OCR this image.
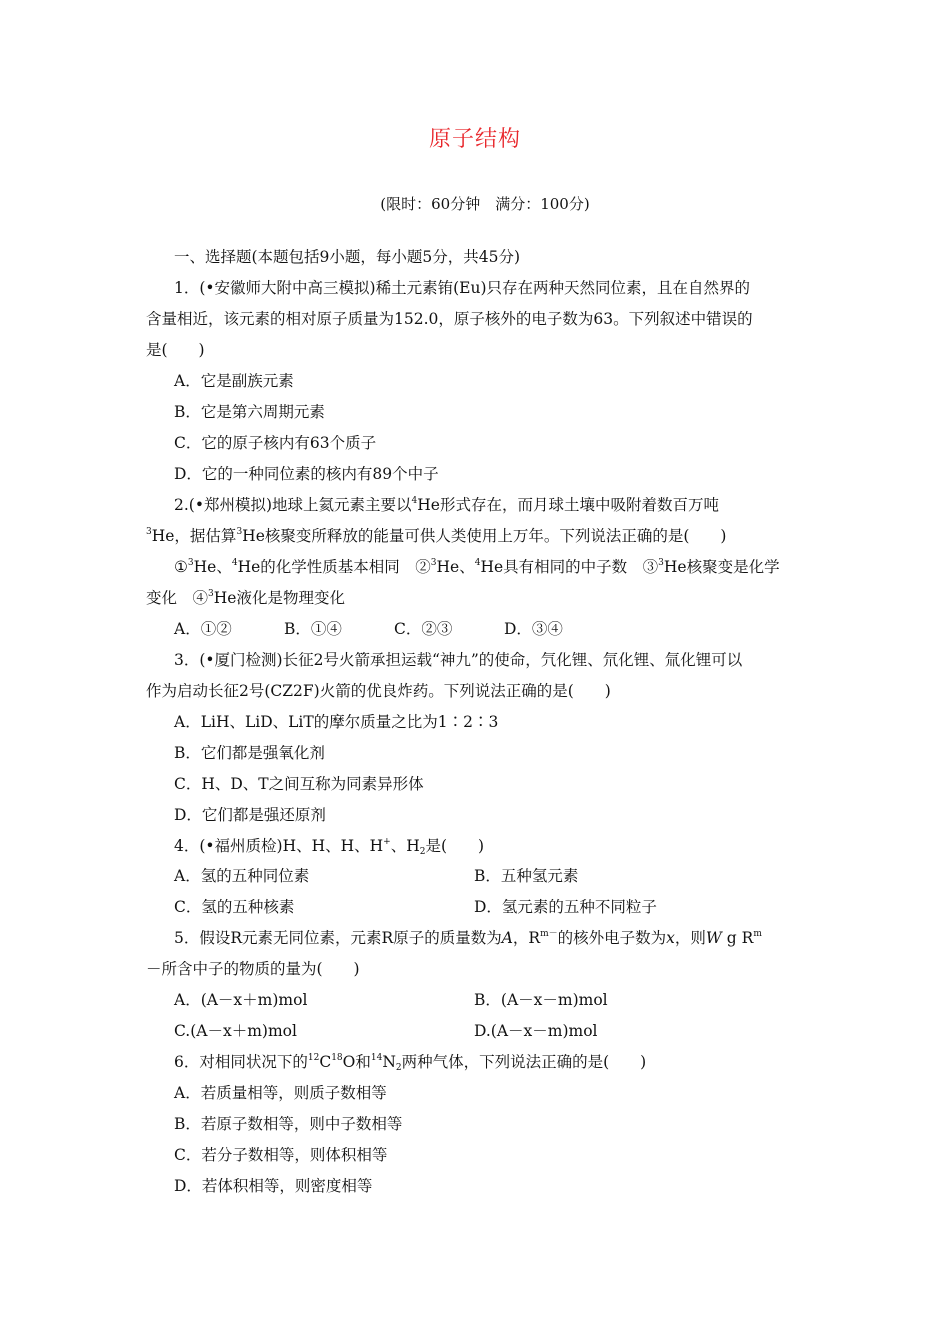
原子结构
(限时：60分钟　满分：100分)
一、选择题(本题包括9小题，每小题5分，共45分)
1．(•安徽师大附中高三模拟)稀土元素铕(Eu)只存在两种天然同位素，且在自然界的
含量相近，该元素的相对原子质量为152.0，原子核外的电子数为63。下列叙述中错误的
是(　　)
A．它是副族元素
B．它是第六周期元素
C．它的原子核内有63个质子
D．它的一种同位素的核内有89个中子
2.(•郑州模拟)地球上氦元素主要以$^4$He形式存在，而月球土壤中吸附着数百万吨
$^3$He，据估算$^3$He核聚变所释放的能量可供人类使用上万年。下列说法正确的是(　　)
①$^3$He、$^4$He的化学性质基本相同　②$^3$He、$^4$He具有相同的中子数　③$^3$He核聚变是化学
变化　④$^3$He液化是物理变化
A．①②	B．①④	C．②③	D．③④
3．(•厦门检测)长征2号火箭承担运载“神九”的使命，氕化锂、氘化锂、氚化锂可以
作为启动长征2号(CZ2F)火箭的优良炸药。下列说法正确的是(　　)
A．LiH、LiD、LiT的摩尔质量之比为1∶2∶3
B．它们都是强氧化剂
C．H、D、T之间互称为同素异形体
D．它们都是强还原剂
4．(•福州质检)H、H、H、H+、$H_2$是(　　)
A．氢的五种同位素	B．五种氢元素
C．氢的五种核素	D．氢元素的五种不同粒子
5．假设R元素无同位素，元素R原子的质量数为A，$R^{m-}$的核外电子数为x，则W g $R^m$
－所含中子的物质的量为(　　)
A．(A－x＋m)mol	B．(A－x－m)mol
C.(A－x＋m)mol	D.(A－x－m)mol
6．对相同状况下的$^{12}C^{18}O$和$^{14}N_2$两种气体，下列说法正确的是(　　)
A．若质量相等，则质子数相等
B．若原子数相等，则中子数相等
C．若分子数相等，则体积相等
D．若体积相等，则密度相等
